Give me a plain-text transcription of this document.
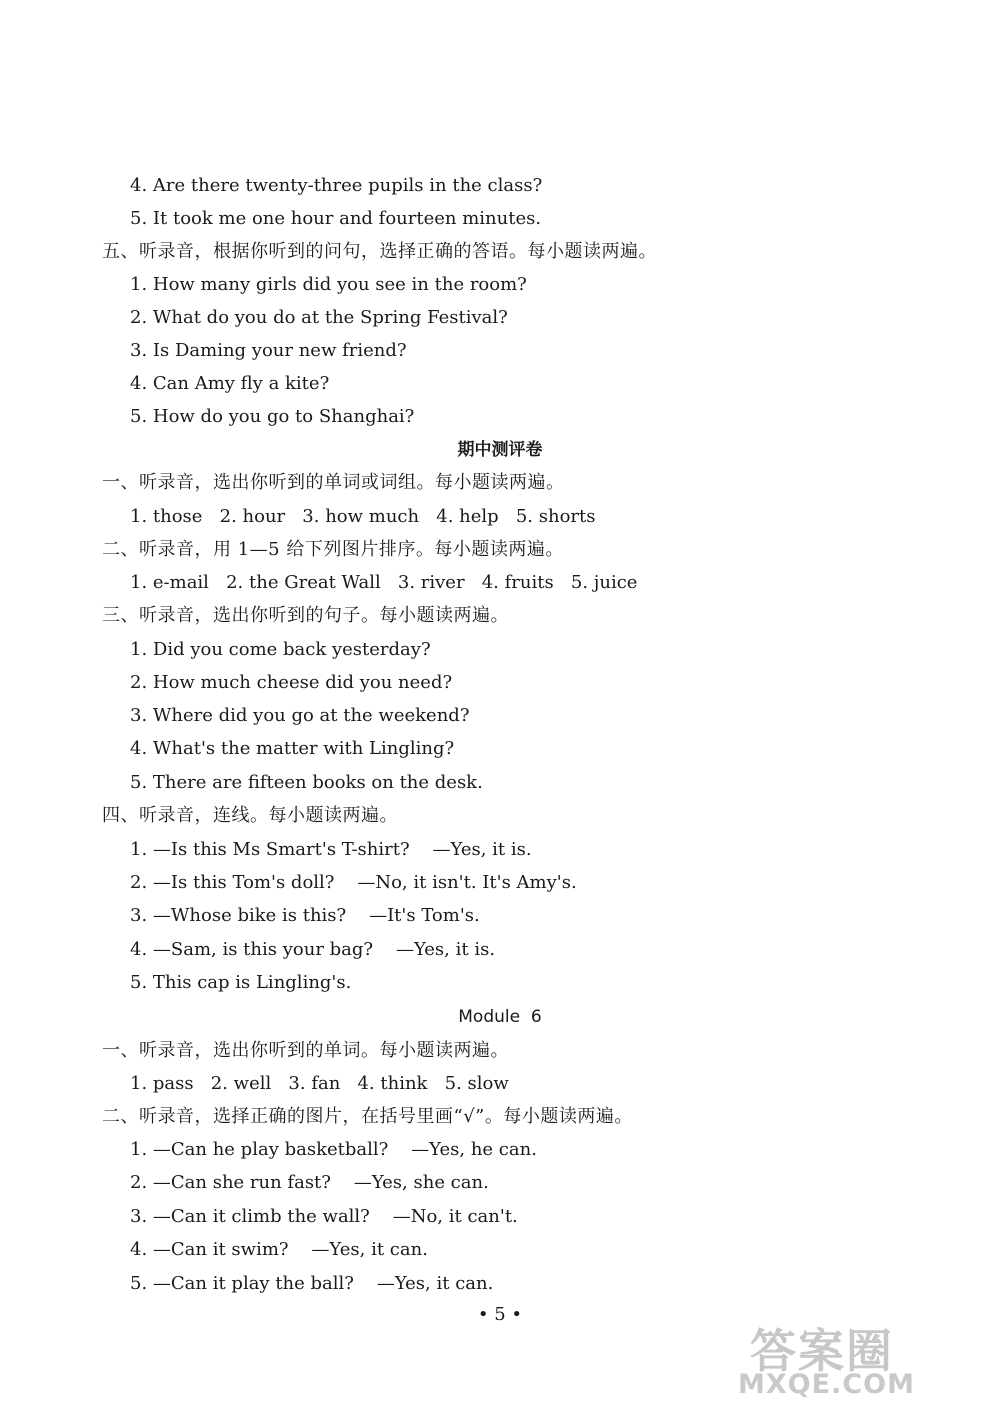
4. Are there twenty-three pupils in the class?
5. It took me one hour and fourteen minutes.
五、听录音，根据你听到的问句，选择正确的答语。每小题读两遍。
1. How many girls did you see in the room?
2. What do you do at the Spring Festival?
3. Is Daming your new friend?
4. Can Amy fly a kite?
5. How do you go to Shanghai?
期中测评卷
一、听录音，选出你听到的单词或词组。每小题读两遍。
1. those   2. hour   3. how much   4. help   5. shorts
二、听录音，用 1—5 给下列图片排序。每小题读两遍。
1. e-mail   2. the Great Wall   3. river   4. fruits   5. juice
三、听录音，选出你听到的句子。每小题读两遍。
1. Did you come back yesterday?
2. How much cheese did you need?
3. Where did you go at the weekend?
4. What's the matter with Lingling?
5. There are fifteen books on the desk.
四、听录音，连线。每小题读两遍。
1. —Is this Ms Smart's T-shirt?    —Yes, it is.
2. —Is this Tom's doll?    —No, it isn't. It's Amy's.
3. —Whose bike is this?    —It's Tom's.
4. —Sam, is this your bag?    —Yes, it is.
5. This cap is Lingling's.
Module  6
一、听录音，选出你听到的单词。每小题读两遍。
1. pass   2. well   3. fan   4. think   5. slow
二、听录音，选择正确的图片，在括号里画“√”。每小题读两遍。
1. —Can he play basketball?    —Yes, he can.
2. —Can she run fast?    —Yes, she can.
3. —Can it climb the wall?    —No, it can't.
4. —Can it swim?    —Yes, it can.
5. —Can it play the ball?    —Yes, it can.
• 5 •
答案圈
MXQE.COM
